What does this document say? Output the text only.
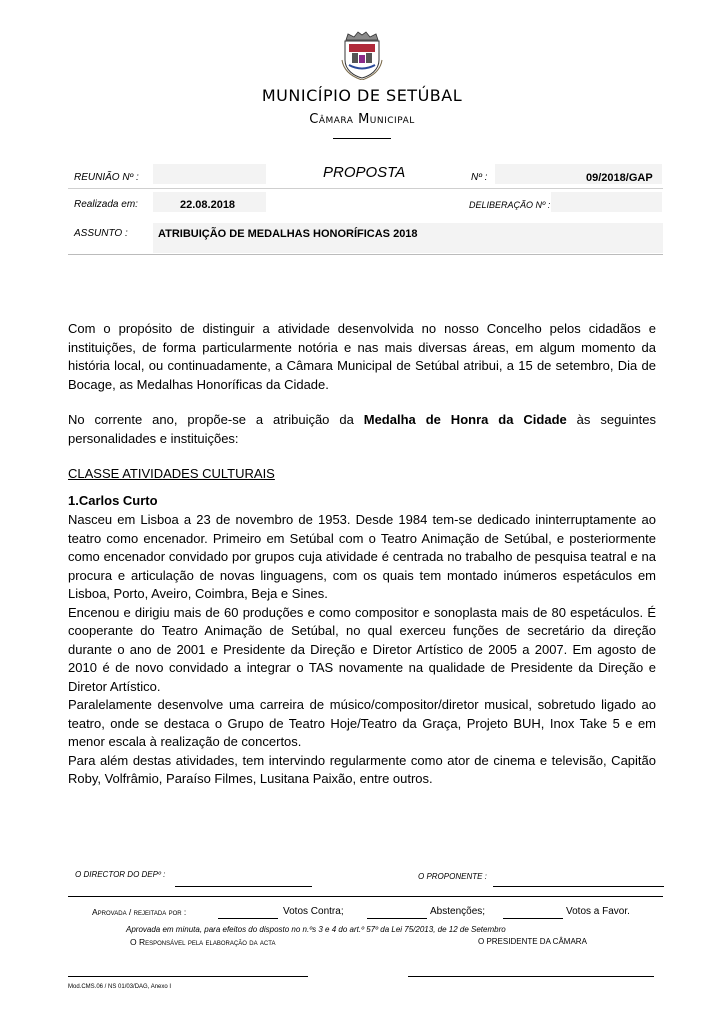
MUNICÍPIO DE SETÚBAL
Câmara Municipal
REUNIÃO Nº :	PROPOSTA	Nº :	09/2018/GAP
Realizada em:	22.08.2018	DELIBERAÇÃO Nº :
ASSUNTO :	ATRIBUIÇÃO DE MEDALHAS HONORÍFICAS 2018

Com o propósito de distinguir a atividade desenvolvida no nosso Concelho pelos cidadãos e instituições, de forma particularmente notória e nas mais diversas áreas, em algum momento da história local, ou continuadamente, a Câmara Municipal de Setúbal atribui, a 15 de setembro, Dia de Bocage, as Medalhas Honoríficas da Cidade.

No corrente ano, propõe-se a atribuição da Medalha de Honra da Cidade às seguintes personalidades e instituições:

CLASSE ATIVIDADES CULTURAIS
1.Carlos Curto

Nasceu em Lisboa a 23 de novembro de 1953. Desde 1984 tem-se dedicado ininterruptamente ao teatro como encenador. Primeiro em Setúbal com o Teatro Animação de Setúbal, e posteriormente como encenador convidado por grupos cuja atividade é centrada no trabalho de pesquisa teatral e na procura e articulação de novas linguagens, com os quais tem montado inúmeros espetáculos em Lisboa, Porto, Aveiro, Coimbra, Beja e Sines.

Encenou e dirigiu mais de 60 produções e como compositor e sonoplasta mais de 80 espetáculos. É cooperante do Teatro Animação de Setúbal, no qual exerceu funções de secretário da direção durante o ano de 2001 e Presidente da Direção e Diretor Artístico de 2005 a 2007. Em agosto de 2010 é de novo convidado a integrar o TAS novamente na qualidade de Presidente da Direção e Diretor Artístico.

Paralelamente desenvolve uma carreira de músico/compositor/diretor musical, sobretudo ligado ao teatro, onde se destaca o Grupo de Teatro Hoje/Teatro da Graça, Projeto BUH, Inox Take 5 e em menor escala à realização de concertos.

Para além destas atividades, tem intervindo regularmente como ator de cinema e televisão, Capitão Roby, Volfrâmio, Paraíso Filmes, Lusitana Paixão, entre outros.

O DIRECTOR DO DEPº :	O PROPONENTE :
Aprovada / rejeitada por :	Votos Contra;	Abstenções;	Votos a Favor.
Aprovada em minuta, para efeitos do disposto no n.ºs 3 e 4 do art.º 57º da Lei 75/2013, de 12 de Setembro
O Responsável pela elaboração da acta	O PRESIDENTE DA CÂMARA
Mod.CMS.06 / NS 01/03/DAG, Anexo I
